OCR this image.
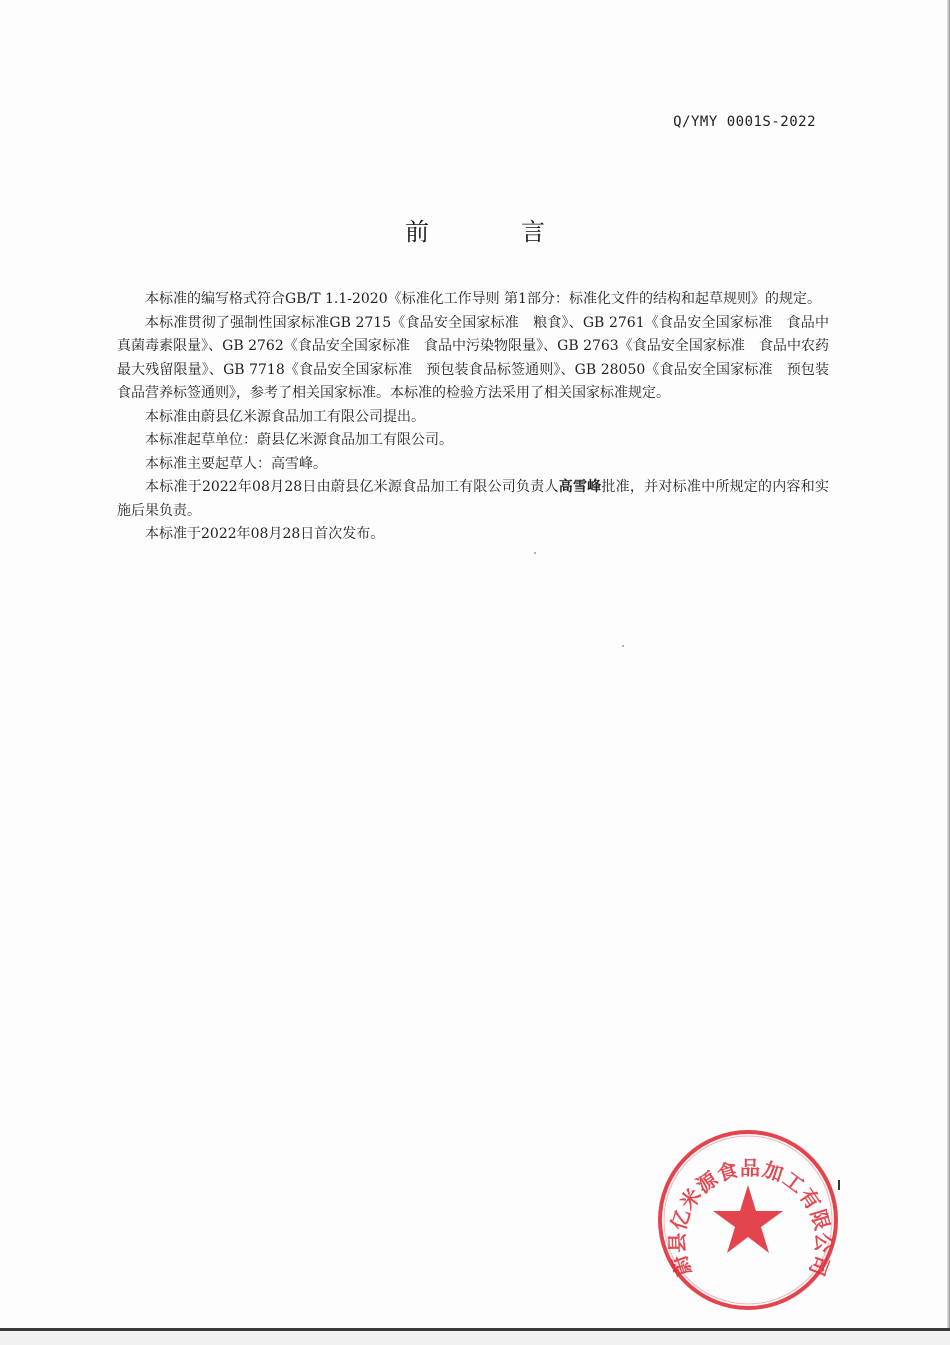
Q/YMY 0001S-2022
前	言

本标准的编写格式符合GB/T 1.1-2020《标准化工作导则 第1部分：标准化文件的结构和起草规则》的规定。

本标准贯彻了强制性国家标准GB 2715《食品安全国家标准　粮食》、GB 2761《食品安全国家标准　食品中真菌毒素限量》、GB 2762《食品安全国家标准　食品中污染物限量》、GB 2763《食品安全国家标准　食品中农药最大残留限量》、GB 7718《食品安全国家标准　预包装食品标签通则》、GB 28050《食品安全国家标准　预包装食品营养标签通则》，参考了相关国家标准。本标准的检验方法采用了相关国家标准规定。

本标准由蔚县亿米源食品加工有限公司提出。

本标准起草单位：蔚县亿米源食品加工有限公司。

本标准主要起草人：高雪峰。

本标准于2022年08月28日由蔚县亿米源食品加工有限公司负责人高雪峰批准，并对标准中所规定的内容和实施后果负责。

本标准于2022年08月28日首次发布。

蔚县亿米源食品加工有限公司
